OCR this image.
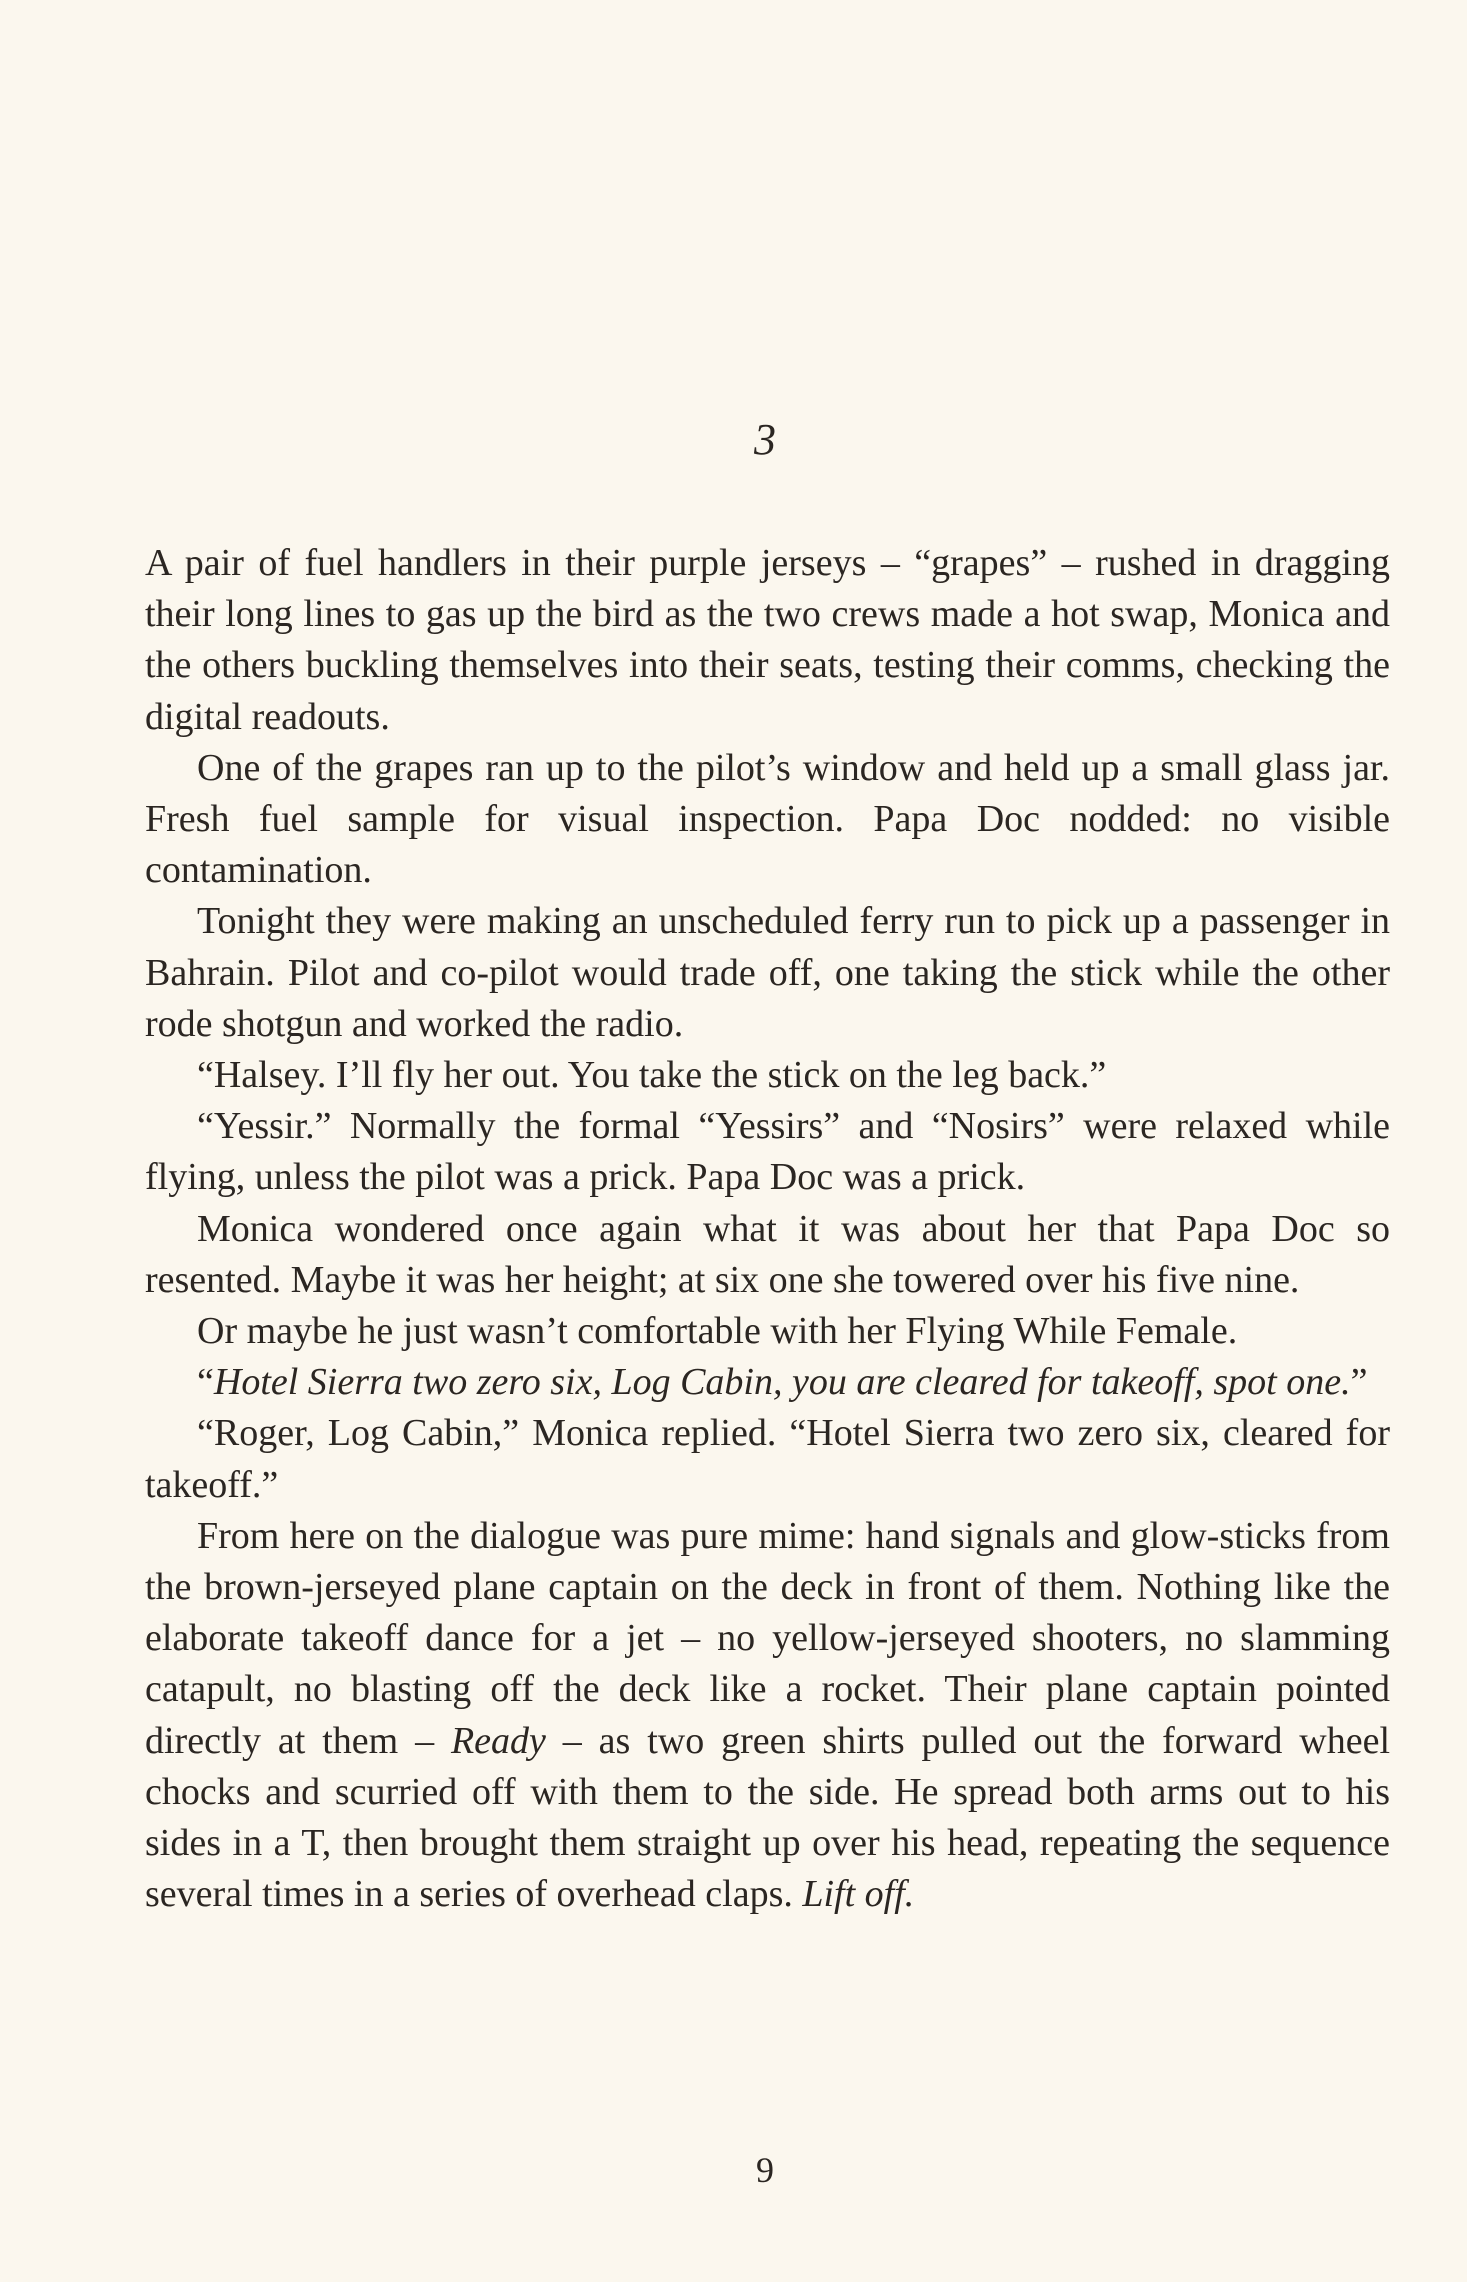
3

A pair of fuel handlers in their purple jerseys – “grapes” – rushed in dragging their long lines to gas up the bird as the two crews made a hot swap, Monica and the others buckling themselves into their seats, testing their comms, checking the digital readouts.

One of the grapes ran up to the pilot’s window and held up a small glass jar. Fresh fuel sample for visual inspection. Papa Doc nodded: no visible contamination.

Tonight they were making an unscheduled ferry run to pick up a passenger in Bahrain. Pilot and co-pilot would trade off, one taking the stick while the other rode shotgun and worked the radio.

“Halsey. I’ll fly her out. You take the stick on the leg back.”

“Yessir.” Normally the formal “Yessirs” and “Nosirs” were relaxed while flying, unless the pilot was a prick. Papa Doc was a prick.

Monica wondered once again what it was about her that Papa Doc so resented. Maybe it was her height; at six one she towered over his five nine.

Or maybe he just wasn’t comfortable with her Flying While Female.

“Hotel Sierra two zero six, Log Cabin, you are cleared for takeoff, spot one.”

“Roger, Log Cabin,” Monica replied. “Hotel Sierra two zero six, cleared for takeoff.”

From here on the dialogue was pure mime: hand signals and glow-sticks from the brown-jerseyed plane captain on the deck in front of them. Nothing like the elaborate takeoff dance for a jet – no yellow-jerseyed shooters, no slamming catapult, no blasting off the deck like a rocket. Their plane captain pointed directly at them – Ready – as two green shirts pulled out the forward wheel chocks and scurried off with them to the side. He spread both arms out to his sides in a T, then brought them straight up over his head, repeating the sequence several times in a series of overhead claps. Lift off.

9
